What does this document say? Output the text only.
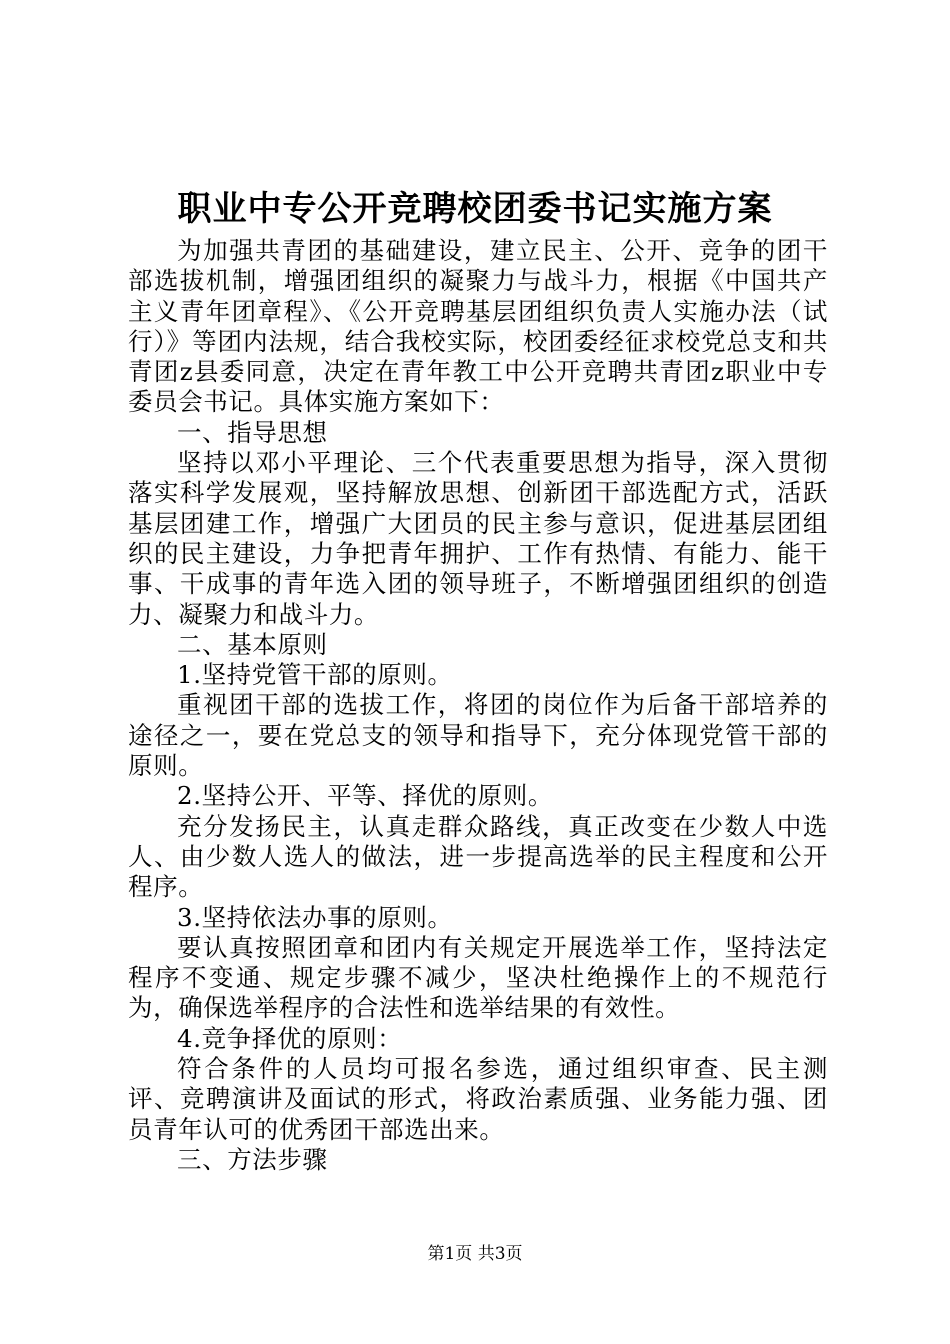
职业中专公开竞聘校团委书记实施方案

为加强共青团的基础建设，建立民主、公开、竞争的团干部选拔机制，增强团组织的凝聚力与战斗力，根据《中国共产主义青年团章程》、《公开竞聘基层团组织负责人实施办法（试行）》等团内法规，结合我校实际，校团委经征求校党总支和共青团z县委同意，决定在青年教工中公开竞聘共青团z职业中专委员会书记。具体实施方案如下：

一、指导思想

坚持以邓小平理论、三个代表重要思想为指导，深入贯彻落实科学发展观，坚持解放思想、创新团干部选配方式，活跃基层团建工作，增强广大团员的民主参与意识，促进基层团组织的民主建设，力争把青年拥护、工作有热情、有能力、能干事、干成事的青年选入团的领导班子，不断增强团组织的创造力、凝聚力和战斗力。

二、基本原则

1.坚持党管干部的原则。

重视团干部的选拔工作，将团的岗位作为后备干部培养的途径之一，要在党总支的领导和指导下，充分体现党管干部的原则。

2.坚持公开、平等、择优的原则。

充分发扬民主，认真走群众路线，真正改变在少数人中选人、由少数人选人的做法，进一步提高选举的民主程度和公开程序。

3.坚持依法办事的原则。

要认真按照团章和团内有关规定开展选举工作，坚持法定程序不变通、规定步骤不减少，坚决杜绝操作上的不规范行为，确保选举程序的合法性和选举结果的有效性。

4.竞争择优的原则：

符合条件的人员均可报名参选，通过组织审查、民主测评、竞聘演讲及面试的形式，将政治素质强、业务能力强、团员青年认可的优秀团干部选出来。

三、方法步骤

第1页 共3页
